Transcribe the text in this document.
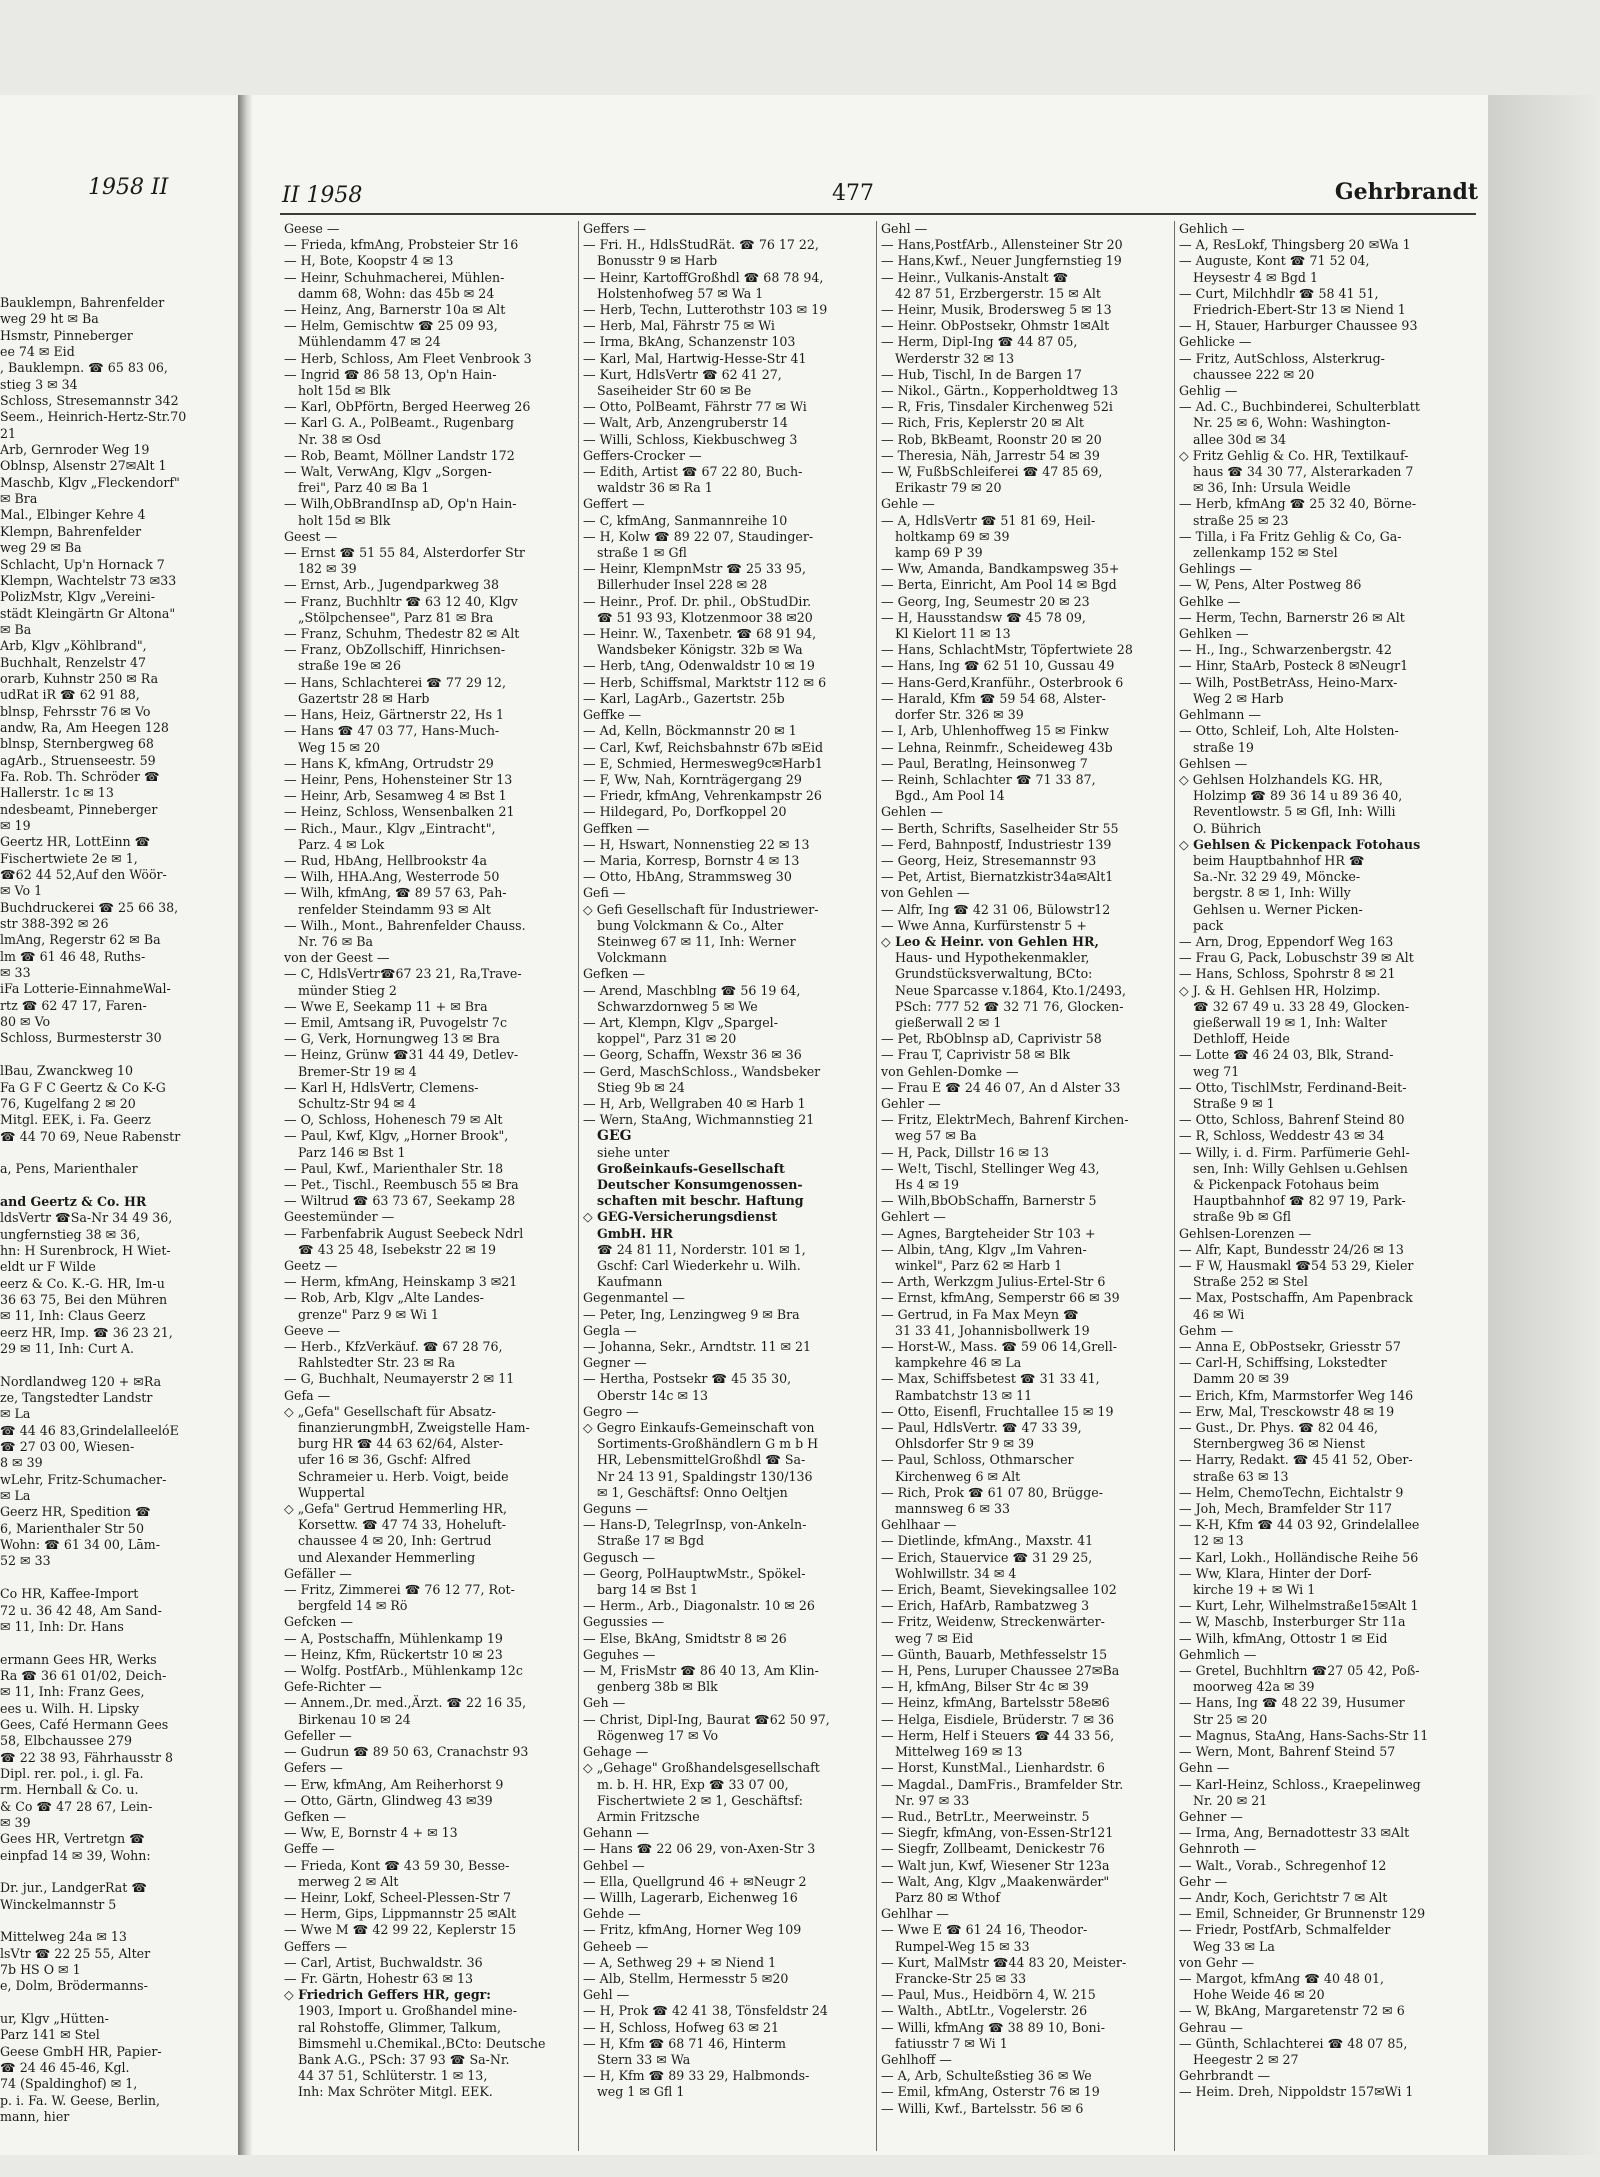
1958 II
Bauklempn, Bahrenfelder
weg 29 ht ✉ Ba
Hsmstr, Pinneberger
ee 74 ✉ Eid
, Bauklempn. ☎ 65 83 06,
stieg 3 ✉ 34
Schloss, Stresemannstr 342
Seem., Heinrich-Hertz-Str.70
21
Arb, Gernroder Weg 19
Oblnsp, Alsenstr 27✉Alt 1
Maschb, Klgv „Fleckendorf"
✉ Bra
Mal., Elbinger Kehre 4
Klempn, Bahrenfelder
weg 29 ✉ Ba
Schlacht, Up'n Hornack 7
Klempn, Wachtelstr 73 ✉33
PolizMstr, Klgv „Vereini-
städt Kleingärtn Gr Altona"
✉ Ba
Arb, Klgv „Köhlbrand",
Buchhalt, Renzelstr 47
orarb, Kuhnstr 250 ✉ Ra
udRat iR ☎ 62 91 88,
blnsp, Fehrsstr 76 ✉ Vo
andw, Ra, Am Heegen 128
blnsp, Sternbergweg 68
agArb., Struenseestr. 59
Fa. Rob. Th. Schröder ☎
Hallerstr. 1c ✉ 13
ndesbeamt, Pinneberger
✉ 19
Geertz HR, LottEinn ☎
Fischertwiete 2e ✉ 1,
☎62 44 52,Auf den Wöör-
✉ Vo 1
Buchdruckerei ☎ 25 66 38,
str 388-392 ✉ 26
lmAng, Regerstr 62 ✉ Ba
lm ☎ 61 46 48, Ruths-
✉ 33
iFa Lotterie-EinnahmeWal-
rtz ☎ 62 47 17, Faren-
80 ✉ Vo
Schloss, Burmesterstr 30

lBau, Zwanckweg 10
Fa G F C Geertz & Co K-G
76, Kugelfang 2 ✉ 20
Mitgl. EEK, i. Fa. Geerz
☎ 44 70 69, Neue Rabenstr

a, Pens, Marienthaler

and Geertz & Co. HR
ldsVertr ☎Sa-Nr 34 49 36,
ungfernstieg 38 ✉ 36,
hn: H Surenbrock, H Wiet-
eldt ur F Wilde
eerz & Co. K.-G. HR, Im-u
36 63 75, Bei den Mühren
✉ 11, Inh: Claus Geerz
eerz HR, Imp. ☎ 36 23 21,
29 ✉ 11, Inh: Curt A.

Nordlandweg 120 + ✉Ra
ze, Tangstedter Landstr
✉ La
☎ 44 46 83,GrindelalleelóE
☎ 27 03 00, Wiesen-
8 ✉ 39
wLehr, Fritz-Schumacher-
✉ La
Geerz HR, Spedition ☎
6, Marienthaler Str 50
Wohn: ☎ 61 34 00, Lām-
52 ✉ 33

Co HR, Kaffee-Import
72 u. 36 42 48, Am Sand-
✉ 11, Inh: Dr. Hans

ermann Gees HR, Werks
Ra ☎ 36 61 01/02, Deich-
✉ 11, Inh: Franz Gees,
ees u. Wilh. H. Lipsky
Gees, Café Hermann Gees
58, Elbchaussee 279
☎ 22 38 93, Fährhausstr 8
Dipl. rer. pol., i. gl. Fa.
rm. Hernball & Co. u.
& Co ☎ 47 28 67, Lein-
✉ 39
Gees HR, Vertretgn ☎
einpfad 14 ✉ 39, Wohn:

Dr. jur., LandgerRat ☎
Winckelmannstr 5

Mittelweg 24a ✉ 13
lsVtr ☎ 22 25 55, Alter
7b HS O ✉ 1
e, Dolm, Brödermanns-

ur, Klgv „Hütten-
Parz 141 ✉ Stel
Geese GmbH HR, Papier-
☎ 24 46 45-46, Kgl.
74 (Spaldinghof) ✉ 1,
p. i. Fa. W. Geese, Berlin,
mann, hier
II 1958	477	Gehrbrandt
Geese —
— Frieda, kfmAng, Probsteier Str 16
— H, Bote, Koopstr 4 ✉ 13
— Heinr, Schuhmacherei, Mühlen-
damm 68, Wohn: das 45b ✉ 24
— Heinz, Ang, Barnerstr 10a ✉ Alt
— Helm, Gemischtw ☎ 25 09 93,
Mühlendamm 47 ✉ 24
— Herb, Schloss, Am Fleet Venbrook 3
— Ingrid ☎ 86 58 13, Op'n Hain-
holt 15d ✉ Blk
— Karl, ObPförtn, Berged Heerweg 26
— Karl G. A., PolBeamt., Rugenbarg
Nr. 38 ✉ Osd
— Rob, Beamt, Möllner Landstr 172
— Walt, VerwAng, Klgv „Sorgen-
frei", Parz 40 ✉ Ba 1
— Wilh,ObBrandInsp aD, Op'n Hain-
holt 15d ✉ Blk
Geest —
— Ernst ☎ 51 55 84, Alsterdorfer Str
182 ✉ 39
— Ernst, Arb., Jugendparkweg 38
— Franz, Buchhltr ☎ 63 12 40, Klgv
„Stölpchensee", Parz 81 ✉ Bra
— Franz, Schuhm, Thedestr 82 ✉ Alt
— Franz, ObZollschiff, Hinrichsen-
straße 19e ✉ 26
— Hans, Schlachterei ☎ 77 29 12,
Gazertstr 28 ✉ Harb
— Hans, Heiz, Gärtnerstr 22, Hs 1
— Hans ☎ 47 03 77, Hans-Much-
Weg 15 ✉ 20
— Hans K, kfmAng, Ortrudstr 29
— Heinr, Pens, Hohensteiner Str 13
— Heinr, Arb, Sesamweg 4 ✉ Bst 1
— Heinz, Schloss, Wensenbalken 21
— Rich., Maur., Klgv „Eintracht",
Parz. 4 ✉ Lok
— Rud, HbAng, Hellbrookstr 4a
— Wilh, HHA.Ang, Westerrode 50
— Wilh, kfmAng, ☎ 89 57 63, Pah-
renfelder Steindamm 93 ✉ Alt
— Wilh., Mont., Bahrenfelder Chauss.
Nr. 76 ✉ Ba
von der Geest —
— C, HdlsVertr☎67 23 21, Ra,Trave-
münder Stieg 2
— Wwe E, Seekamp 11 + ✉ Bra
— Emil, Amtsang iR, Puvogelstr 7c
— G, Verk, Hornungweg 13 ✉ Bra
— Heinz, Grünw ☎31 44 49, Detlev-
Bremer-Str 19 ✉ 4
— Karl H, HdlsVertr, Clemens-
Schultz-Str 94 ✉ 4
— O, Schloss, Hohenesch 79 ✉ Alt
— Paul, Kwf, Klgv, „Horner Brook",
Parz 146 ✉ Bst 1
— Paul, Kwf., Marienthaler Str. 18
— Pet., Tischl., Reembusch 55 ✉ Bra
— Wiltrud ☎ 63 73 67, Seekamp 28
Geestemünder —
— Farbenfabrik August Seebeck Ndrl
☎ 43 25 48, Isebekstr 22 ✉ 19
Geetz —
— Herm, kfmAng, Heinskamp 3 ✉21
— Rob, Arb, Klgv „Alte Landes-
grenze" Parz 9 ✉ Wi 1
Geeve —
— Herb., KfzVerkäuf. ☎ 67 28 76,
Rahlstedter Str. 23 ✉ Ra
— G, Buchhalt, Neumayerstr 2 ✉ 11
Gefa —
◇ „Gefa" Gesellschaft für Absatz-
finanzierungmbH, Zweigstelle Ham-
burg HR ☎ 44 63 62/64, Alster-
ufer 16 ✉ 36, Gschf: Alfred
Schrameier u. Herb. Voigt, beide
Wuppertal
◇ „Gefa" Gertrud Hemmerling HR,
Korsettw. ☎ 47 74 33, Hoheluft-
chaussee 4 ✉ 20, Inh: Gertrud
und Alexander Hemmerling
Gefäller —
— Fritz, Zimmerei ☎ 76 12 77, Rot-
bergfeld 14 ✉ Rö
Gefcken —
— A, Postschaffn, Mühlenkamp 19
— Heinz, Kfm, Rückertstr 10 ✉ 23
— Wolfg. PostfArb., Mühlenkamp 12c
Gefe-Richter —
— Annem.,Dr. med.,Ärzt. ☎ 22 16 35,
Birkenau 10 ✉ 24
Gefeller —
— Gudrun ☎ 89 50 63, Cranachstr 93
Gefers —
— Erw, kfmAng, Am Reiherhorst 9
— Otto, Gärtn, Glindweg 43 ✉39
Gefken —
— Ww, E, Bornstr 4 + ✉ 13
Geffe —
— Frieda, Kont ☎ 43 59 30, Besse-
merweg 2 ✉ Alt
— Heinr, Lokf, Scheel-Plessen-Str 7
— Herm, Gips, Lippmannstr 25 ✉Alt
— Wwe M ☎ 42 99 22, Keplerstr 15
Geffers —
— Carl, Artist, Buchwaldstr. 36
— Fr. Gärtn, Hohestr 63 ✉ 13
◇ Friedrich Geffers HR, gegr:
1903, Import u. Großhandel mine-
ral Rohstoffe, Glimmer, Talkum,
Bimsmehl u.Chemikal.,BCto: Deutsche
Bank A.G., PSch: 37 93 ☎ Sa-Nr.
44 37 51, Schlüterstr. 1 ✉ 13,
Inh: Max Schröter Mitgl. EEK.
Geffers —
— Fri. H., HdlsStudRät. ☎ 76 17 22,
Bonusstr 9 ✉ Harb
— Heinr, KartoffGroßhdl ☎ 68 78 94,
Holstenhofweg 57 ✉ Wa 1
— Herb, Techn, Lutterothstr 103 ✉ 19
— Herb, Mal, Fährstr 75 ✉ Wi
— Irma, BkAng, Schanzenstr 103
— Karl, Mal, Hartwig-Hesse-Str 41
— Kurt, HdlsVertr ☎ 62 41 27,
Saseiheider Str 60 ✉ Be
— Otto, PolBeamt, Fährstr 77 ✉ Wi
— Walt, Arb, Anzengruberstr 14
— Willi, Schloss, Kiekbuschweg 3
Geffers-Crocker —
— Edith, Artist ☎ 67 22 80, Buch-
waldstr 36 ✉ Ra 1
Geffert —
— C, kfmAng, Sanmannreihe 10
— H, Kolw ☎ 89 22 07, Staudinger-
straße 1 ✉ Gfl
— Heinr, KlempnMstr ☎ 25 33 95,
Billerhuder Insel 228 ✉ 28
— Heinr., Prof. Dr. phil., ObStudDir.
☎ 51 93 93, Klotzenmoor 38 ✉20
— Heinr. W., Taxenbetr. ☎ 68 91 94,
Wandsbeker Königstr. 32b ✉ Wa
— Herb, tAng, Odenwaldstr 10 ✉ 19
— Herb, Schiffsmal, Marktstr 112 ✉ 6
— Karl, LagArb., Gazertstr. 25b
Geffke —
— Ad, Kelln, Böckmannstr 20 ✉ 1
— Carl, Kwf, Reichsbahnstr 67b ✉Eid
— E, Schmied, Hermesweg9c✉Harb1
— F, Ww, Nah, Kornträgergang 29
— Friedr, kfmAng, Vehrenkampstr 26
— Hildegard, Po, Dorfkoppel 20
Geffken —
— H, Hswart, Nonnenstieg 22 ✉ 13
— Maria, Korresp, Bornstr 4 ✉ 13
— Otto, HbAng, Strammsweg 30
Gefi —
◇ Gefi Gesellschaft für Industriewer-
bung Volckmann & Co., Alter
Steinweg 67 ✉ 11, Inh: Werner
Volckmann
Gefken —
— Arend, Maschblng ☎ 56 19 64,
Schwarzdornweg 5 ✉ We
— Art, Klempn, Klgv „Spargel-
koppel", Parz 31 ✉ 20
— Georg, Schaffn, Wexstr 36 ✉ 36
— Gerd, MaschSchloss., Wandsbeker
Stieg 9b ✉ 24
— H, Arb, Wellgraben 40 ✉ Harb 1
— Wern, StaAng, Wichmannstieg 21
GEG
siehe unter
Großeinkaufs-Gesellschaft
Deutscher Konsumgenossen-
schaften mit beschr. Haftung
◇ GEG-Versicherungsdienst
GmbH. HR
☎ 24 81 11, Norderstr. 101 ✉ 1,
Gschf: Carl Wiederkehr u. Wilh.
Kaufmann
Gegenmantel —
— Peter, Ing, Lenzingweg 9 ✉ Bra
Gegla —
— Johanna, Sekr., Arndtstr. 11 ✉ 21
Gegner —
— Hertha, Postsekr ☎ 45 35 30,
Oberstr 14c ✉ 13
Gegro —
◇ Gegro Einkaufs-Gemeinschaft von
Sortiments-Großhändlern G m b H
HR, LebensmittelGroßhdl ☎ Sa-
Nr 24 13 91, Spaldingstr 130/136
✉ 1, Geschäftsf: Onno Oeltjen
Geguns —
— Hans-D, TelegrInsp, von-Ankeln-
Straße 17 ✉ Bgd
Gegusch —
— Georg, PolHauptwMstr., Spökel-
barg 14 ✉ Bst 1
— Herm., Arb., Diagonalstr. 10 ✉ 26
Gegussies —
— Else, BkAng, Smidtstr 8 ✉ 26
Geguhes —
— M, FrisMstr ☎ 86 40 13, Am Klin-
genberg 38b ✉ Blk
Geh —
— Christ, Dipl-Ing, Baurat ☎62 50 97,
Rögenweg 17 ✉ Vo
Gehage —
◇ „Gehage" Großhandelsgesellschaft
m. b. H. HR, Exp ☎ 33 07 00,
Fischertwiete 2 ✉ 1, Geschäftsf:
Armin Fritzsche
Gehann —
— Hans ☎ 22 06 29, von-Axen-Str 3
Gehbel —
— Ella, Quellgrund 46 + ✉Neugr 2
— Willh, Lagerarb, Eichenweg 16
Gehde —
— Fritz, kfmAng, Horner Weg 109
Geheeb —
— A, Sethweg 29 + ✉ Niend 1
— Alb, Stellm, Hermesstr 5 ✉20
Gehl —
— H, Prok ☎ 42 41 38, Tönsfeldstr 24
— H, Schloss, Hofweg 63 ✉ 21
— H, Kfm ☎ 68 71 46, Hinterm
Stern 33 ✉ Wa
— H, Kfm ☎ 89 33 29, Halbmonds-
weg 1 ✉ Gfl 1
Gehl —
— Hans,PostfArb., Allensteiner Str 20
— Hans,Kwf., Neuer Jungfernstieg 19
— Heinr., Vulkanis-Anstalt ☎
42 87 51, Erzbergerstr. 15 ✉ Alt
— Heinr, Musik, Brodersweg 5 ✉ 13
— Heinr. ObPostsekr, Ohmstr 1✉Alt
— Herm, Dipl-Ing ☎ 44 87 05,
Werderstr 32 ✉ 13
— Hub, Tischl, In de Bargen 17
— Nikol., Gärtn., Kopperholdtweg 13
— R, Fris, Tinsdaler Kirchenweg 52i
— Rich, Fris, Keplerstr 20 ✉ Alt
— Rob, BkBeamt, Roonstr 20 ✉ 20
— Theresia, Näh, Jarrestr 54 ✉ 39
— W, FußbSchleiferei ☎ 47 85 69,
Erikastr 79 ✉ 20
Gehle —
— A, HdlsVertr ☎ 51 81 69, Heil-
holtkamp 69 ✉ 39
kamp 69 P 39
— Ww, Amanda, Bandkampsweg 35+
— Berta, Einricht, Am Pool 14 ✉ Bgd
— Georg, Ing, Seumestr 20 ✉ 23
— H, Hausstandsw ☎ 45 78 09,
Kl Kielort 11 ✉ 13
— Hans, SchlachtMstr, Töpfertwiete 28
— Hans, Ing ☎ 62 51 10, Gussau 49
— Hans-Gerd,Kranführ., Osterbrook 6
— Harald, Kfm ☎ 59 54 68, Alster-
dorfer Str. 326 ✉ 39
— I, Arb, Uhlenhoffweg 15 ✉ Finkw
— Lehna, Reinmfr., Scheideweg 43b
— Paul, Beratlng, Heinsonweg 7
— Reinh, Schlachter ☎ 71 33 87,
Bgd., Am Pool 14
Gehlen —
— Berth, Schrifts, Saselheider Str 55
— Ferd, Bahnpostf, Industriestr 139
— Georg, Heiz, Stresemannstr 93
— Pet, Artist, Biernatzkistr34a✉Alt1
von Gehlen —
— Alfr, Ing ☎ 42 31 06, Bülowstr12
— Wwe Anna, Kurfürstenstr 5 +
◇ Leo & Heinr. von Gehlen HR,
Haus- und Hypothekenmakler,
Grundstücksverwaltung, BCto:
Neue Sparcasse v.1864, Kto.1/2493,
PSch: 777 52 ☎ 32 71 76, Glocken-
gießerwall 2 ✉ 1
— Pet, RbOblnsp aD, Caprivistr 58
— Frau T, Caprivistr 58 ✉ Blk
von Gehlen-Domke —
— Frau E ☎ 24 46 07, An d Alster 33
Gehler —
— Fritz, ElektrMech, Bahrenf Kirchen-
weg 57 ✉ Ba
— H, Pack, Dillstr 16 ✉ 13
— We!t, Tischl, Stellinger Weg 43,
Hs 4 ✉ 19
— Wilh,BbObSchaffn, Barnerstr 5
Gehlert —
— Agnes, Bargteheider Str 103 +
— Albin, tAng, Klgv „Im Vahren-
winkel", Parz 62 ✉ Harb 1
— Arth, Werkzgm Julius-Ertel-Str 6
— Ernst, kfmAng, Semperstr 66 ✉ 39
— Gertrud, in Fa Max Meyn ☎
31 33 41, Johannisbollwerk 19
— Horst-W., Mass. ☎ 59 06 14,Grell-
kampkehre 46 ✉ La
— Max, Schiffsbetest ☎ 31 33 41,
Rambatchstr 13 ✉ 11
— Otto, Eisenfl, Fruchtallee 15 ✉ 19
— Paul, HdlsVertr. ☎ 47 33 39,
Ohlsdorfer Str 9 ✉ 39
— Paul, Schloss, Othmarscher
Kirchenweg 6 ✉ Alt
— Rich, Prok ☎ 61 07 80, Brügge-
mannsweg 6 ✉ 33
Gehlhaar —
— Dietlinde, kfmAng., Maxstr. 41
— Erich, Stauervice ☎ 31 29 25,
Wohlwillstr. 34 ✉ 4
— Erich, Beamt, Sievekingsallee 102
— Erich, HafArb, Rambatzweg 3
— Fritz, Weidenw, Streckenwärter-
weg 7 ✉ Eid
— Günth, Bauarb, Methfesselstr 15
— H, Pens, Luruper Chaussee 27✉Ba
— H, kfmAng, Bilser Str 4c ✉ 39
— Heinz, kfmAng, Bartelsstr 58e✉6
— Helga, Eisdiele, Brüderstr. 7 ✉ 36
— Herm, Helf i Steuers ☎ 44 33 56,
Mittelweg 169 ✉ 13
— Horst, KunstMal., Lienhardstr. 6
— Magdal., DamFris., Bramfelder Str.
Nr. 97 ✉ 33
— Rud., BetrLtr., Meerweinstr. 5
— Siegfr, kfmAng, von-Essen-Str121
— Siegfr, Zollbeamt, Denickestr 76
— Walt jun, Kwf, Wiesener Str 123a
— Walt, Ang, Klgv „Maakenwärder"
Parz 80 ✉ Wthof
Gehlhar —
— Wwe E ☎ 61 24 16, Theodor-
Rumpel-Weg 15 ✉ 33
— Kurt, MalMstr ☎44 83 20, Meister-
Francke-Str 25 ✉ 33
— Paul, Mus., Heidbörn 4, W. 215
— Walth., AbtLtr., Vogelerstr. 26
— Willi, kfmAng ☎ 38 89 10, Boni-
fatiusstr 7 ✉ Wi 1
Gehlhoff —
— A, Arb, Schulteßstieg 36 ✉ We
— Emil, kfmAng, Osterstr 76 ✉ 19
— Willi, Kwf., Bartelsstr. 56 ✉ 6
Gehlich —
— A, ResLokf, Thingsberg 20 ✉Wa 1
— Auguste, Kont ☎ 71 52 04,
Heysestr 4 ✉ Bgd 1
— Curt, Milchhdlr ☎ 58 41 51,
Friedrich-Ebert-Str 13 ✉ Niend 1
— H, Stauer, Harburger Chaussee 93
Gehlicke —
— Fritz, AutSchloss, Alsterkrug-
chaussee 222 ✉ 20
Gehlig —
— Ad. C., Buchbinderei, Schulterblatt
Nr. 25 ✉ 6, Wohn: Washington-
allee 30d ✉ 34
◇ Fritz Gehlig & Co. HR, Textilkauf-
haus ☎ 34 30 77, Alsterarkaden 7
✉ 36, Inh: Ursula Weidle
— Herb, kfmAng ☎ 25 32 40, Börne-
straße 25 ✉ 23
— Tilla, i Fa Fritz Gehlig & Co, Ga-
zellenkamp 152 ✉ Stel
Gehlings —
— W, Pens, Alter Postweg 86
Gehlke —
— Herm, Techn, Barnerstr 26 ✉ Alt
Gehlken —
— H., Ing., Schwarzenbergstr. 42
— Hinr, StaArb, Posteck 8 ✉Neugr1
— Wilh, PostBetrAss, Heino-Marx-
Weg 2 ✉ Harb
Gehlmann —
— Otto, Schleif, Loh, Alte Holsten-
straße 19
Gehlsen —
◇ Gehlsen Holzhandels KG. HR,
Holzimp ☎ 89 36 14 u 89 36 40,
Reventlowstr. 5 ✉ Gfl, Inh: Willi
O. Bührich
◇ Gehlsen & Pickenpack Fotohaus
beim Hauptbahnhof HR ☎
Sa.-Nr. 32 29 49, Mönckе-
bergstr. 8 ✉ 1, Inh: Willy
Gehlsen u. Werner Picken-
pack
— Arn, Drog, Eppendorf Weg 163
— Frau G, Pack, Lobuschstr 39 ✉ Alt
— Hans, Schloss, Spohrstr 8 ✉ 21
◇ J. & H. Gehlsen HR, Holzimp.
☎ 32 67 49 u. 33 28 49, Glocken-
gießerwall 19 ✉ 1, Inh: Walter
Dethloff, Heide
— Lotte ☎ 46 24 03, Blk, Strand-
weg 71
— Otto, TischlMstr, Ferdinand-Beit-
Straße 9 ✉ 1
— Otto, Schloss, Bahrenf Steind 80
— R, Schloss, Weddestr 43 ✉ 34
— Willy, i. d. Firm. Parfümerie Gehl-
sen, Inh: Willy Gehlsen u.Gehlsen
& Pickenpack Fotohaus beim
Hauptbahnhof ☎ 82 97 19, Park-
straße 9b ✉ Gfl
Gehlsen-Lorenzen —
— Alfr, Kapt, Bundesstr 24/26 ✉ 13
— F W, Hausmakl ☎54 53 29, Kieler
Straße 252 ✉ Stel
— Max, Postschaffn, Am Papenbrack
46 ✉ Wi
Gehm —
— Anna E, ObPostsekr, Griesstr 57
— Carl-H, Schiffsing, Lokstedter
Damm 20 ✉ 39
— Erich, Kfm, Marmstorfer Weg 146
— Erw, Mal, Tresckowstr 48 ✉ 19
— Gust., Dr. Phys. ☎ 82 04 46,
Sternbergweg 36 ✉ Nienst
— Harry, Redakt. ☎ 45 41 52, Ober-
straße 63 ✉ 13
— Helm, ChemoTechn, Eichtalstr 9
— Joh, Mech, Bramfelder Str 117
— K-H, Kfm ☎ 44 03 92, Grindelallee
12 ✉ 13
— Karl, Lokh., Holländische Reihe 56
— Ww, Klara, Hinter der Dorf-
kirche 19 + ✉ Wi 1
— Kurt, Lehr, Wilhelmstraße15✉Alt 1
— W, Maschb, Insterburger Str 11a
— Wilh, kfmAng, Ottostr 1 ✉ Eid
Gehmlich —
— Gretel, Buchhltrn ☎27 05 42, Poß-
moorweg 42a ✉ 39
— Hans, Ing ☎ 48 22 39, Husumer
Str 25 ✉ 20
— Magnus, StaAng, Hans-Sachs-Str 11
— Wern, Mont, Bahrenf Steind 57
Gehn —
— Karl-Heinz, Schloss., Kraepelinweg
Nr. 20 ✉ 21
Gehner —
— Irma, Ang, Bernadottestr 33 ✉Alt
Gehnroth —
— Walt., Vorab., Schregenhof 12
Gehr —
— Andr, Koch, Gerichtstr 7 ✉ Alt
— Emil, Schneider, Gr Brunnenstr 129
— Friedr, PostfArb, Schmalfelder
Weg 33 ✉ La
von Gehr —
— Margot, kfmAng ☎ 40 48 01,
Hohe Weide 46 ✉ 20
— W, BkAng, Margaretenstr 72 ✉ 6
Gehrau —
— Günth, Schlachterei ☎ 48 07 85,
Heegestr 2 ✉ 27
Gehrbrandt —
— Heim. Dreh, Nippoldstr 157✉Wi 1
